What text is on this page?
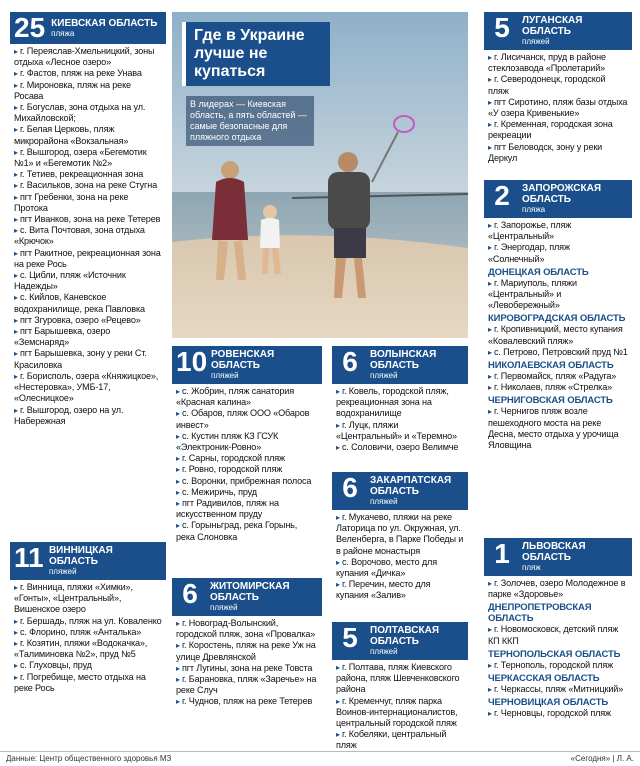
Где в Украине лучше не купаться
В лидерах — Киевская область, а пять областей — самые безопасные для пляжного отдыха
25 КИЕВСКАЯ ОБЛАСТЬ
пляжа
▸ г. Переяслав-Хмельницкий, зоны отдыха «Лесное озеро»
▸ г. Фастов, пляж на реке Унава
▸ г. Мироновка, пляж на реке Росава
▸ г. Богуслав, зона отдыха на ул. Михайловской;
▸ г. Белая Церковь, пляж микрорайона «Вокзальная»
▸ г. Вышгород, озера «Бегемотик №1» и «Бегемотик №2»
▸ г. Тетиев, рекреационная зона
▸ г. Васильков, зона на реке Стугна
▸ пгт Гребенки, зона на реке Протока
▸ пгт Иванков, зона на реке Тетерев
▸ с. Вита Почтовая, зона отдыха «Крючок»
▸ пгт Ракитное, рекреационная зона на реке Рось
▸ с. Цибли, пляж «Источник Надежды»
▸ с. Кийлов, Каневское водохранилище, река Павловка
▸ пгт Згуровка, озеро «Рецево»
▸ пгт Барышевка, озеро «Земснаряд»
▸ пгт Барышевка, зону у реки Ст. Красиловка
▸ г. Борисполь, озера «Княжицкое», «Нестеровка», УМБ-17, «Олесницкое»
▸ г. Вышгород, озеро на ул. Набережная
11 ВИННИЦКАЯ ОБЛАСТЬ
пляжей
▸ г. Винница, пляжи «Химки», «Гонты», «Центральный», Вишенское озеро
▸ г. Бершадь, пляж на ул. Коваленко
▸ с. Флорино, пляж «Анталька»
▸ г. Козятин, пляжи «Водокачка», «Талиминовка №2», пруд №5
▸ с. Глуховцы, пруд
▸ г. Погребище, место отдыха на реке Рось
10 РОВЕНСКАЯ ОБЛАСТЬ
пляжей
▸ с. Жобрин, пляж санатория «Красная калина»
▸ с. Обаров, пляж ООО «Обаров инвест»
▸ с. Кустин пляж КЗ ГСУК «Электроник-Ровно»
▸ г. Сарны, городской пляж
▸ г. Ровно, городской пляж
▸ с. Воронки, прибрежная полоса
▸ с. Межиричь, пруд
▸ пгт Радивилов, пляж на искусственном пруду
▸ с. Горыньград, река Горынь, река Слоновка
6	ЖИТОМИРСКАЯ ОБЛАСТЬ
пляжей
▸ г. Новоград-Волынский, городской пляж, зона «Провалка»
▸ г. Коростень, пляж на реке Уж на улице Древлянской
▸ пгт Лугины, зона на реке Товста
▸ г. Барановка, пляж «Заречье» на реке Случ
▸ г. Чуднов, пляж на реке Тетерев
6	ВОЛЫНСКАЯ ОБЛАСТЬ
пляжей
▸ г. Ковель, городской пляж, рекреационная зона на водохранилище
▸ г. Луцк, пляжи «Центральный» и «Теремно»
▸ с. Соловичи, озеро Велимче
6	ЗАКАРПАТСКАЯ ОБЛАСТЬ
пляжей
▸ г. Мукачево, пляжи на реке Латорица по ул. Окружная, ул. Веленберга, в Парке Победы и в районе монастыря
▸ с. Ворочово, место для купания «Дичка»
▸ г. Перечин, место для купания «Залив»
5	ПОЛТАВСКАЯ ОБЛАСТЬ
пляжей
▸ г. Полтава, пляж Киевского района, пляж Шевченковского района
▸ г. Кременчуг, пляж парка Воинов-интернационалистов, центральный городской пляж
▸ г. Кобеляки, центральный пляж
5	ЛУГАНСКАЯ ОБЛАСТЬ
пляжей
▸ г. Лисичанск, пруд в районе стеклозавода «Пролетарий»
▸ г. Северодонецк, городской пляж
▸ пгт Сиротино, пляж базы отдыха «У озера Кривенькие»
▸ г. Кременная, городская зона рекреации
▸ пгт Беловодск, зону у реки Деркул
2	ЗАПОРОЖСКАЯ ОБЛАСТЬ
пляжа
▸ г. Запорожье, пляж «Центральный»
▸ г. Энергодар, пляж «Солнечный»
ДОНЕЦКАЯ ОБЛАСТЬ
▸ г. Мариуполь, пляжи «Центральный» и «Левобережный»
КИРОВОГРАДСКАЯ ОБЛАСТЬ
▸ г. Кропивницкий, место купания «Ковалевский пляж»
▸ с. Петрово, Петровский пруд №1
НИКОЛАЕВСКАЯ ОБЛАСТЬ
▸ г. Первомайск, пляж «Радуга»
▸ г. Николаев, пляж «Стрелка»
ЧЕРНИГОВСКАЯ ОБЛАСТЬ
▸ г. Чернигов пляж возле пешеходного моста на реке Десна, место отдыха у урочища Яловщина
1	ЛЬВОВСКАЯ ОБЛАСТЬ
пляж
▸ г. Золочев, озеро Молодежное в парке «Здоровье»
ДНЕПРОПЕТРОВСКАЯ ОБЛАСТЬ
▸ г. Новомосковск, детский пляж КП ККП
ТЕРНОПОЛЬСКАЯ ОБЛАСТЬ
▸ г. Тернополь, городской пляж
ЧЕРКАССКАЯ ОБЛАСТЬ
▸ г. Черкассы, пляж «Митницкий»
ЧЕРНОВИЦКАЯ ОБЛАСТЬ
▸ г. Черновцы, городской пляж
Данные: Центр общественного здоровья МЗ	«Сегодня» | Л. А.
